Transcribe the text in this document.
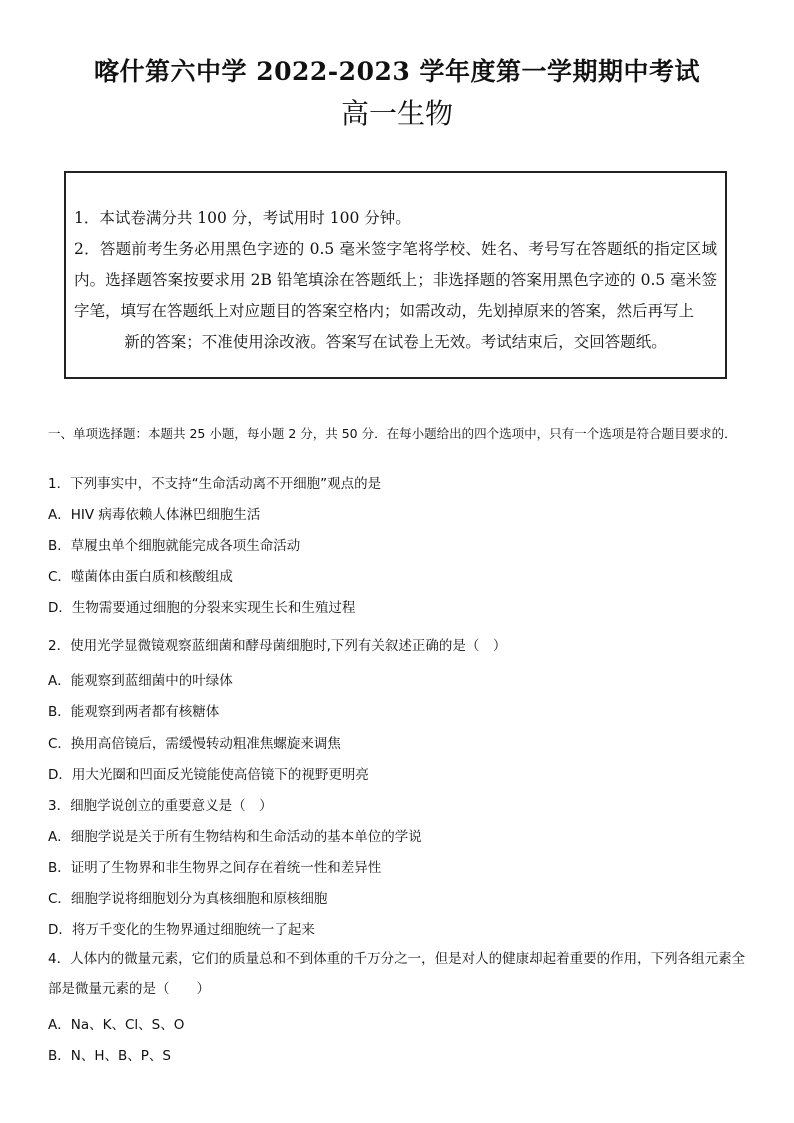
喀什第六中学 2022-2023 学年度第一学期期中考试
高一生物

1．本试卷满分共 100 分，考试用时 100 分钟。

2．答题前考生务必用黑色字迹的 0.5 毫米签字笔将学校、姓名、考号写在答题纸的指定区域内。选择题答案按要求用 2B 铅笔填涂在答题纸上；非选择题的答案用黑色字迹的 0.5 毫米签字笔，填写在答题纸上对应题目的答案空格内；如需改动，先划掉原来的答案，然后再写上

新的答案；不准使用涂改液。答案写在试卷上无效。考试结束后，交回答题纸。

一、单项选择题：本题共 25 小题，每小题 2 分，共 50 分．在每小题给出的四个选项中，只有一个选项是符合题目要求的．
1．下列事实中，不支持“生命活动离不开细胞”观点的是
A．HIV 病毒依赖人体淋巴细胞生活
B．草履虫单个细胞就能完成各项生命活动
C．噬菌体由蛋白质和核酸组成
D．生物需要通过细胞的分裂来实现生长和生殖过程
2．使用光学显微镜观察蓝细菌和酵母菌细胞时,下列有关叙述正确的是（　）
A．能观察到蓝细菌中的叶绿体
B．能观察到两者都有核糖体
C．换用高倍镜后，需缓慢转动粗准焦螺旋来调焦
D．用大光圈和凹面反光镜能使高倍镜下的视野更明亮
3．细胞学说创立的重要意义是（　）
A．细胞学说是关于所有生物结构和生命活动的基本单位的学说
B．证明了生物界和非生物界之间存在着统一性和差异性
C．细胞学说将细胞划分为真核细胞和原核细胞
D．将万千变化的生物界通过细胞统一了起来
4．人体内的微量元素，它们的质量总和不到体重的千万分之一，但是对人的健康却起着重要的作用，下列各组元素全部是微量元素的是（　　）
A．Na、K、Cl、S、O
B．N、H、B、P、S
